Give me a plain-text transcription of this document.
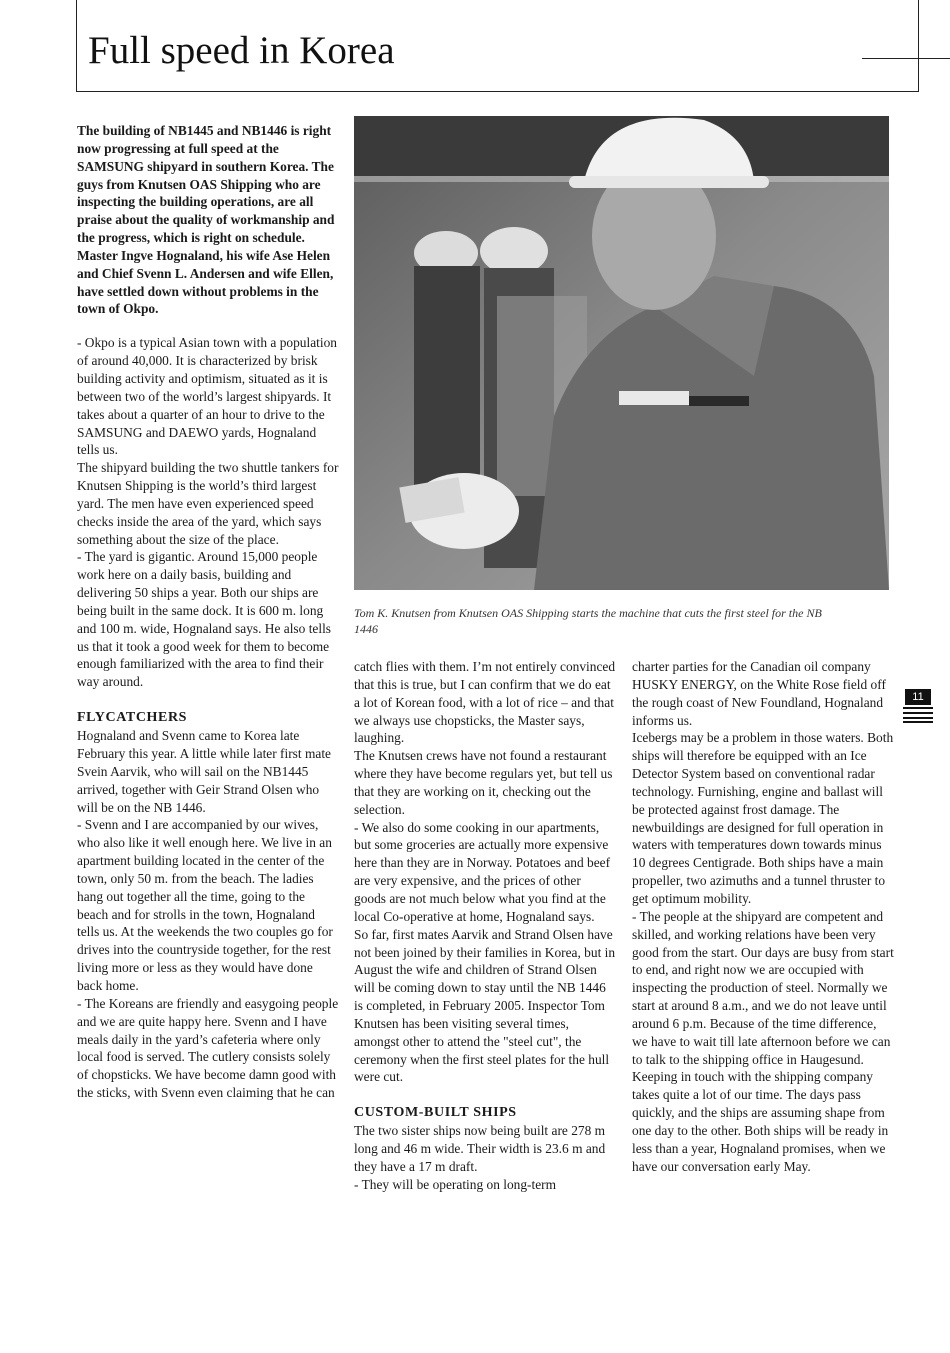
Full speed in Korea

The building of NB1445 and NB1446 is right now progressing at full speed at the SAMSUNG shipyard in southern Korea. The guys from Knutsen OAS Shipping who are inspecting the building operations, are all praise about the quality of workmanship and the progress, which is right on schedule. Master Ingve Hognaland, his wife Ase Helen and Chief Svenn L. Andersen and wife Ellen, have settled down without problems in the town of Okpo.

- Okpo is a typical Asian town with a population of around 40,000. It is characterized by brisk building activity and optimism, situated as it is between two of the world’s largest shipyards. It takes about a quarter of an hour to drive to the SAMSUNG and DAEWO yards, Hognaland tells us.

The shipyard building the two shuttle tankers for Knutsen Shipping is the world’s third largest yard. The men have even experienced speed checks inside the area of the yard, which says something about the size of the place.

- The yard is gigantic. Around 15,000 people work here on a daily basis, building and delivering 50 ships a year. Both our ships are being built in the same dock. It is 600 m. long and 100 m. wide, Hognaland says. He also tells us that it took a good week for them to become enough familiarized with the area to find their way around.

FLYCATCHERS

Hognaland and Svenn came to Korea late February this year. A little while later first mate Svein Aarvik, who will sail on the NB1445 arrived, together with Geir Strand Olsen who will be on the NB 1446.

- Svenn and I are accompanied by our wives, who also like it well enough here. We live in an apartment building located in the center of the town, only 50 m. from the beach. The ladies hang out together all the time, going to the beach and for strolls in the town, Hognaland tells us. At the weekends the two couples go for drives into the countryside together, for the rest living more or less as they would have done back home.

- The Koreans are friendly and easygoing people and we are quite happy here. Svenn and I have meals daily in the yard’s cafeteria where only local food is served. The cutlery consists solely of chopsticks. We have become damn good with the sticks, with Svenn even claiming that he can

Tom K. Knutsen from Knutsen OAS Shipping starts the machine that cuts the first steel for the NB 1446

catch flies with them. I’m not entirely convinced that this is true, but I can confirm that we do eat a lot of Korean food, with a lot of rice – and that we always use chopsticks, the Master says, laughing.

The Knutsen crews have not found a restaurant where they have become regulars yet, but tell us that they are working on it, checking out the selection.

- We also do some cooking in our apartments, but some groceries are actually more expensive here than they are in Norway. Potatoes and beef are very expensive, and the prices of other goods are not much below what you find at the local Co-operative at home, Hognaland says.

So far, first mates Aarvik and Strand Olsen have not been joined by their families in Korea, but in August the wife and children of Strand Olsen will be coming down to stay until the NB 1446 is completed, in February 2005. Inspector Tom Knutsen has been visiting several times, amongst other to attend the "steel cut", the ceremony when the first steel plates for the hull were cut.

CUSTOM-BUILT SHIPS

The two sister ships now being built are 278 m long and 46 m wide. Their width is 23.6 m and they have a 17 m draft.

- They will be operating on long-term

charter parties for the Canadian oil company HUSKY ENERGY, on the White Rose field off the rough coast of New Foundland, Hognaland informs us.

Icebergs may be a problem in those waters. Both ships will therefore be equipped with an Ice Detector System based on conventional radar technology. Furnishing, engine and ballast will be protected against frost damage. The newbuildings are designed for full operation in waters with temperatures down towards minus 10 degrees Centigrade. Both ships have a main propeller, two azimuths and a tunnel thruster to get optimum mobility.

- The people at the shipyard are competent and skilled, and working relations have been very good from the start. Our days are busy from start to end, and right now we are occupied with inspecting the production of steel. Normally we start at around 8 a.m., and we do not leave until around 6 p.m. Because of the time difference, we have to wait till late afternoon before we can to talk to the shipping office in Haugesund. Keeping in touch with the shipping company takes quite a lot of our time. The days pass quickly, and the ships are assuming shape from one day to the other. Both ships will be ready in less than a year, Hognaland promises, when we have our conversation early May.

11
